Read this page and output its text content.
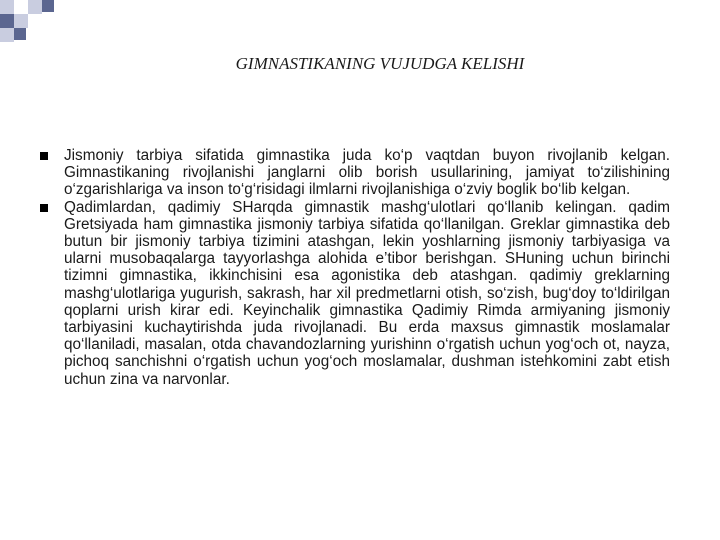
GIMNASTIKANING VUJUDGA KELISHI
Jismoniy tarbiya sifatida gimnastika juda ko‘p vaqtdan buyon rivojlanib kelgan. Gimnastikaning rivojlanishi janglarni olib borish usullarining, jamiyat to‘zilishining o‘zgarishlariga va inson to‘g‘risidagi ilmlarni rivojlanishiga o‘zviy boglik bo‘lib kelgan.
Qadimlardan, qadimiy SHarqda gimnastik mashg‘ulotlari qo‘llanib kelingan. qadim Gretsiyada ham gimnastika jismoniy tarbiya sifatida qo‘llanilgan. Greklar gimnastika deb butun bir jismoniy tarbiya tizimini atashgan, lekin yoshlarning jismoniy tarbiyasiga va ularni musobaqalarga tayyorlashga alohida e’tibor berishgan. SHuning uchun birinchi tizimni gimnastika, ikkinchisini esa agonistika deb atashgan. qadimiy greklarning mashg‘ulotlariga yugurish, sakrash, har xil predmetlarni otish, so‘zish, bug‘doy to‘ldirilgan qoplarni urish kirar edi. Keyinchalik gimnastika Qadimiy Rimda armiyaning jismoniy tarbiyasini kuchaytirishda juda rivojlanadi. Bu erda maxsus gimnastik moslamalar qo‘llaniladi, masalan, otda chavandozlarning yurishinn o‘rgatish uchun yog‘och ot, nayza, pichoq sanchishni o‘rgatish uchun yog‘och moslamalar, dushman istehkomini zabt etish uchun zina va narvonlar.
